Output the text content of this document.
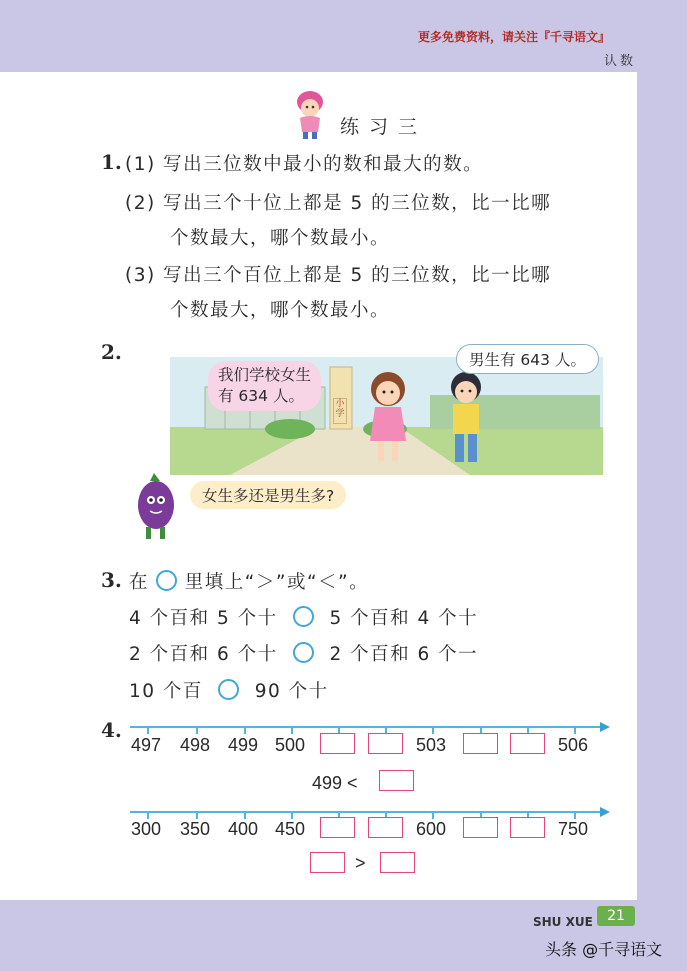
更多免费资料，请关注『千寻语文』
认数
练习三
1. (1) 写出三位数中最小的数和最大的数。
(2) 写出三个十位上都是 5 的三位数，比一比哪
个数最大，哪个数最小。
(3) 写出三个百位上都是 5 的三位数，比一比哪
个数最大，哪个数最小。
2.
我们学校女生
有 634 人。	小学
男生有 643 人。
女生多还是男生多?
3. 在 里填上“＞”或“＜”。
4 个百和 5 个十	5 个百和 4 个十
2 个百和 6 个十	2 个百和 6 个一
10 个百	90 个十
4.
497 498 499 500	503	506
499 <
300 350 400 450	600	750
>
SHU XUE	21
头条 @千寻语文
